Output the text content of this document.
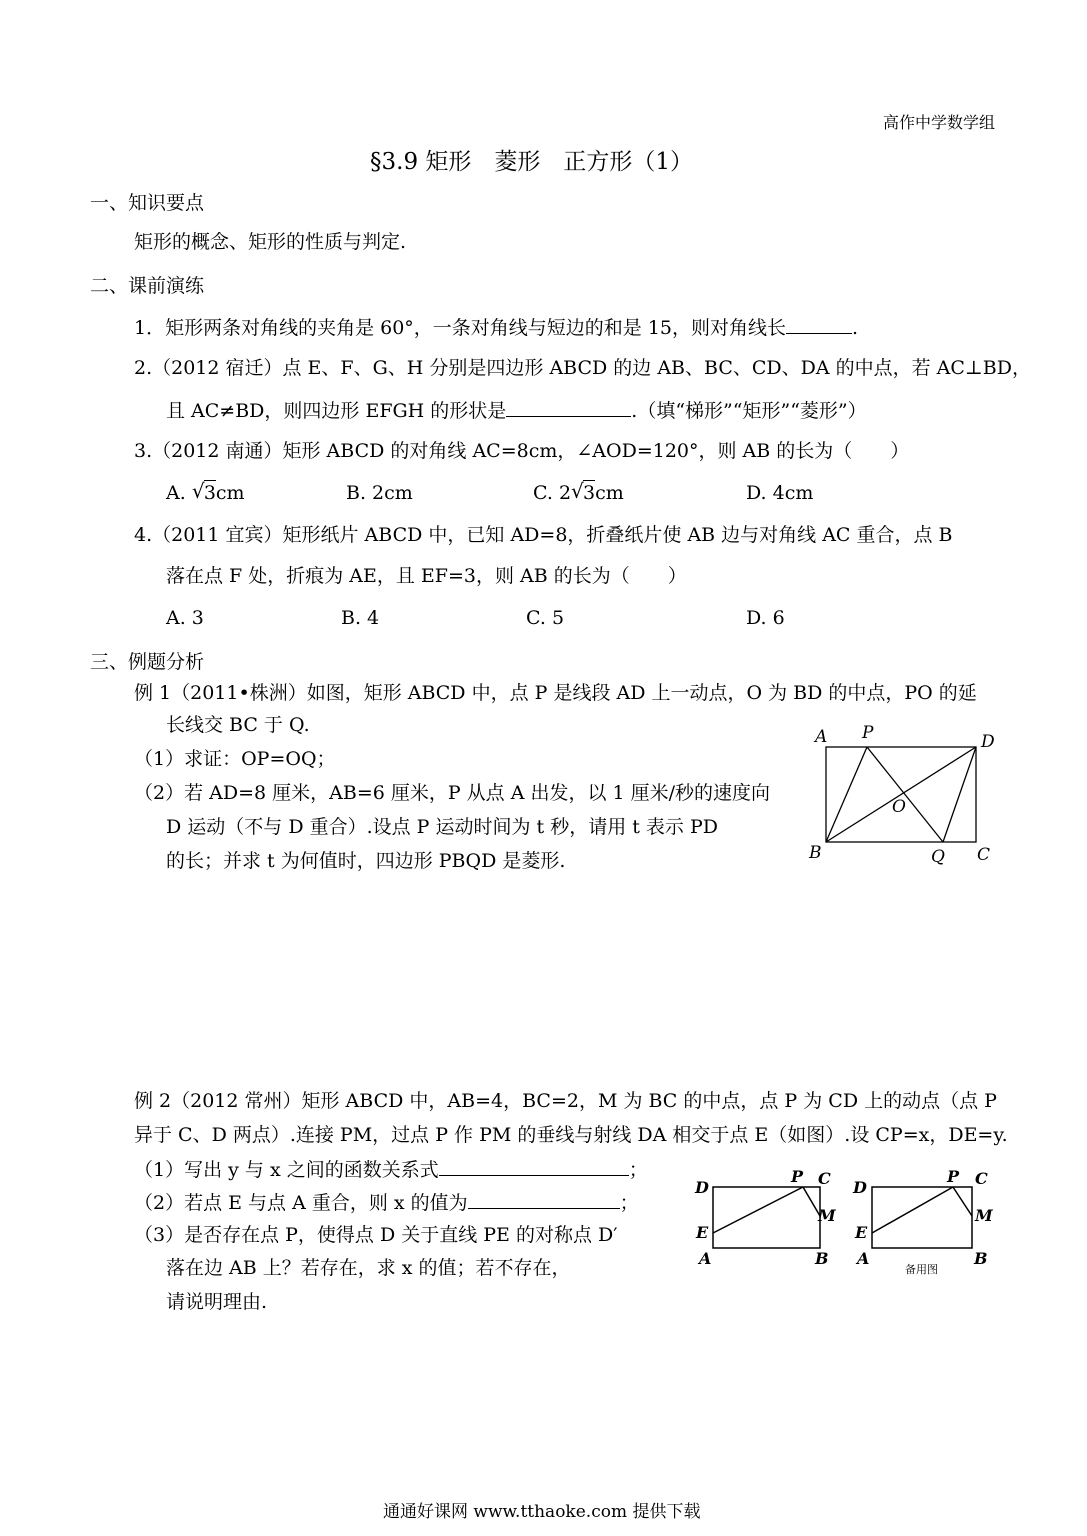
高作中学数学组
§3.9 矩形　菱形　正方形（1）
一、知识要点
矩形的概念、矩形的性质与判定.
二、课前演练
1．矩形两条对角线的夹角是 60°，一条对角线与短边的和是 15，则对角线长	.
2.（2012 宿迁）点 E、F、G、H 分别是四边形 ABCD 的边 AB、BC、CD、DA 的中点，若 AC⊥BD，
且 AC≠BD，则四边形 EFGH 的形状是	.（填“梯形”“矩形”“菱形”）
3.（2012 南通）矩形 ABCD 的对角线 AC=8cm，∠AOD=120°，则 AB 的长为（　　）
A. √ 3cm	B. 2cm	C. 2 √ 3cm	D. 4cm
4.（2011 宜宾）矩形纸片 ABCD 中，已知 AD=8，折叠纸片使 AB 边与对角线 AC 重合，点 B
落在点 F 处，折痕为 AE，且 EF=3，则 AB 的长为（　　）
A. 3	B. 4	C. 5	D. 6
三、例题分析
例 1（2011•株洲）如图，矩形 ABCD 中，点 P 是线段 AD 上一动点，O 为 BD 的中点，PO 的延
长线交 BC 于 Q.
（1）求证：OP=OQ；
（2）若 AD=8 厘米，AB=6 厘米，P 从点 A 出发，以 1 厘米/秒的速度向
D 运动（不与 D 重合）.设点 P 运动时间为 t 秒，请用 t 表示 PD
的长；并求 t 为何值时，四边形 PBQD 是菱形.
A P	D
O
B	Q C
例 2（2012 常州）矩形 ABCD 中，AB=4，BC=2，M 为 BC 的中点，点 P 为 CD 上的动点（点 P
异于 C、D 两点）.连接 PM，过点 P 作 PM 的垂线与射线 DA 相交于点 E（如图）.设 CP=x，DE=y.
（1）写出 y 与 x 之间的函数关系式	；
（2）若点 E 与点 A 重合，则 x 的值为	；
（3）是否存在点 P，使得点 D 关于直线 PE 的对称点 D′
落在边 AB 上？若存在，求 x 的值；若不存在，
请说明理由.
D
P C
M
E
A	B
D
P C
M
E
A	B
备用图
通通好课网 www.tthaoke.com 提供下载
